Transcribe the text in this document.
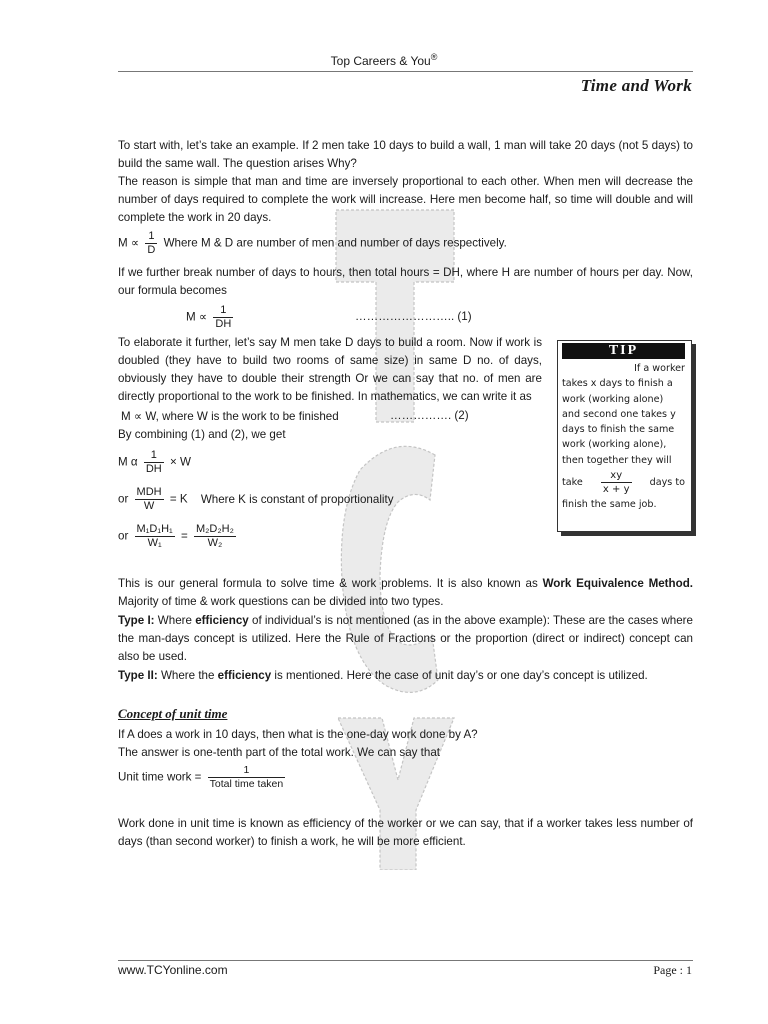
Top Careers & You®
Time and Work
To start with, let’s take an example. If 2 men take 10 days to build a wall, 1 man will take 20 days (not 5 days) to build the same wall. The question arises Why?
The reason is simple that man and time are inversely proportional to each other. When men will decrease the number of days required to complete the work will increase. Here men become half, so time will double and will complete the work in 20 days.
$M \propto \frac{1}{D}$ Where M & D are number of men and number of days respectively.
If we further break number of days to hours, then total hours = DH, where H are number of hours per day. Now, our formula becomes
$M \propto \frac{1}{DH}$	…………………….. (1)
To elaborate it further, let’s say M men take D days to build a room. Now if work is doubled (they have to build two rooms of same size) in same D no. of days, obviously they have to double their strength Or we can say that no. of men are directly proportional to the work to be finished. In mathematics, we can write it as
M ∝ W, where W is the work to be finished	……………. (2)
By combining (1) and (2), we get
M α $\frac{1}{DH} \times W$
or $\frac{\text{MDH}}{W} = K$ Where K is constant of proportionality
or $\frac{\text{M₁D₁H₁}}{\text{W₁}} = \frac{\text{M₂D₂H₂}}{\text{W₂}}$
TIP
If a worker
takes x days to finish a
work (working alone)
and second one takes y
days to finish the same
work (working alone),
then together they will
take $\frac{xy}{x + y}$ days to
finish the same job.
This is our general formula to solve time & work problems. It is also known as Work Equivalence Method. Majority of time & work questions can be divided into two types.
Type I: Where efficiency of individual’s is not mentioned (as in the above example): These are the cases where the man-days concept is utilized. Here the Rule of Fractions or the proportion (direct or indirect) concept can also be used.
Type II: Where the efficiency is mentioned. Here the case of unit day’s or one day’s concept is utilized.
Concept of unit time
If A does a work in 10 days, then what is the one-day work done by A?
The answer is one-tenth part of the total work. We can say that
Unit time work = $\frac{1}{\text{Total time taken}}$
Work done in unit time is known as efficiency of the worker or we can say, that if a worker takes less number of days (than second worker) to finish a work, he will be more efficient.
www.TCYonline.com	Page : 1
